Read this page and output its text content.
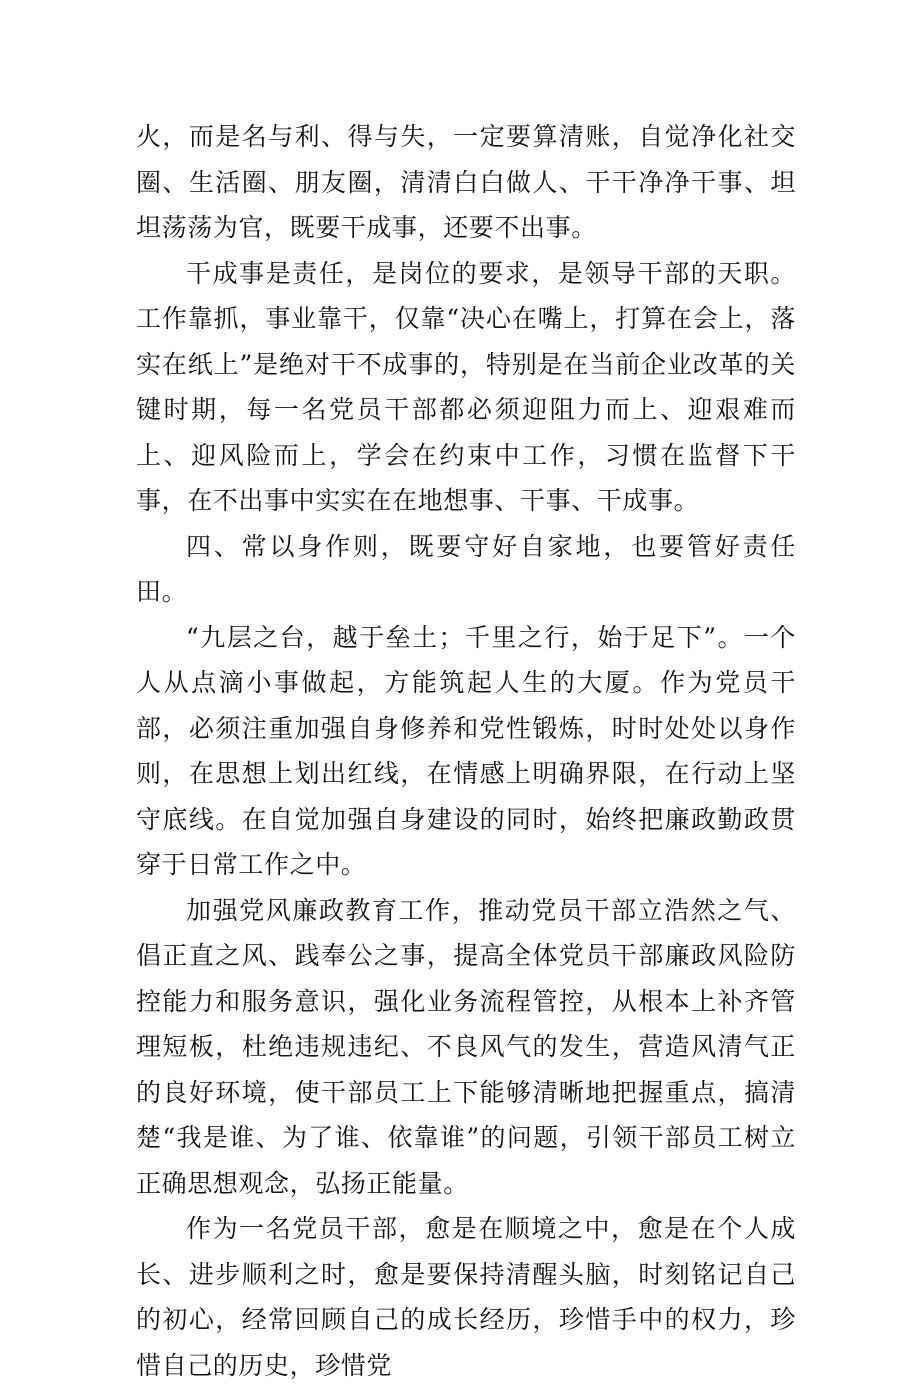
火，而是名与利、得与失，一定要算清账，自觉净化社交圈、生活圈、朋友圈，清清白白做人、干干净净干事、坦坦荡荡为官，既要干成事，还要不出事。

干成事是责任，是岗位的要求，是领导干部的天职。工作靠抓，事业靠干，仅靠“决心在嘴上，打算在会上，落实在纸上”是绝对干不成事的，特别是在当前企业改革的关键时期，每一名党员干部都必须迎阻力而上、迎艰难而上、迎风险而上，学会在约束中工作，习惯在监督下干事，在不出事中实实在在地想事、干事、干成事。

四、常以身作则，既要守好自家地，也要管好责任田。

“九层之台，越于垒土；千里之行，始于足下”。一个人从点滴小事做起，方能筑起人生的大厦。作为党员干部，必须注重加强自身修养和党性锻炼，时时处处以身作则，在思想上划出红线，在情感上明确界限，在行动上坚守底线。在自觉加强自身建设的同时，始终把廉政勤政贯穿于日常工作之中。

加强党风廉政教育工作，推动党员干部立浩然之气、倡正直之风、践奉公之事，提高全体党员干部廉政风险防控能力和服务意识，强化业务流程管控，从根本上补齐管理短板，杜绝违规违纪、不良风气的发生，营造风清气正的良好环境，使干部员工上下能够清晰地把握重点，搞清楚“我是谁、为了谁、依靠谁”的问题，引领干部员工树立正确思想观念，弘扬正能量。

作为一名党员干部，愈是在顺境之中，愈是在个人成长、进步顺利之时，愈是要保持清醒头脑，时刻铭记自己的初心，经常回顾自己的成长经历，珍惜手中的权力，珍惜自己的历史，珍惜党
